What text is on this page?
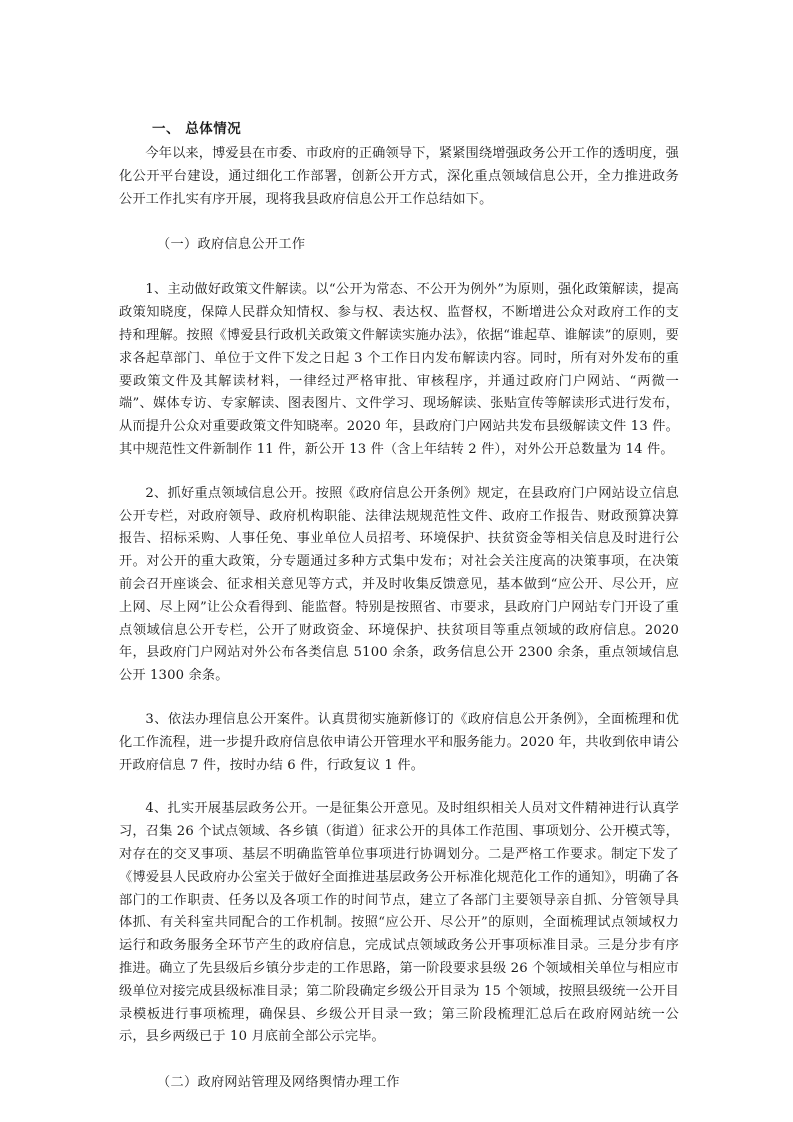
一、 总体情况

今年以来，博爱县在市委、市政府的正确领导下，紧紧围绕增强政务公开工作的透明度，强化公开平台建设，通过细化工作部署，创新公开方式，深化重点领域信息公开，全力推进政务公开工作扎实有序开展，现将我县政府信息公开工作总结如下。

（一）政府信息公开工作

1、主动做好政策文件解读。以“公开为常态、不公开为例外”为原则，强化政策解读，提高政策知晓度，保障人民群众知情权、参与权、表达权、监督权，不断增进公众对政府工作的支持和理解。按照《博爱县行政机关政策文件解读实施办法》，依据“谁起草、谁解读”的原则，要求各起草部门、单位于文件下发之日起 3 个工作日内发布解读内容。同时，所有对外发布的重要政策文件及其解读材料，一律经过严格审批、审核程序，并通过政府门户网站、“两微一端”、媒体专访、专家解读、图表图片、文件学习、现场解读、张贴宣传等解读形式进行发布，从而提升公众对重要政策文件知晓率。2020 年，县政府门户网站共发布县级解读文件 13 件。其中规范性文件新制作 11 件，新公开 13 件（含上年结转 2 件），对外公开总数量为 14 件。

2、抓好重点领域信息公开。按照《政府信息公开条例》规定，在县政府门户网站设立信息公开专栏，对政府领导、政府机构职能、法律法规规范性文件、政府工作报告、财政预算决算报告、招标采购、人事任免、事业单位人员招考、环境保护、扶贫资金等相关信息及时进行公开。对公开的重大政策，分专题通过多种方式集中发布；对社会关注度高的决策事项，在决策前会召开座谈会、征求相关意见等方式，并及时收集反馈意见，基本做到“应公开、尽公开，应上网、尽上网”让公众看得到、能监督。特别是按照省、市要求，县政府门户网站专门开设了重点领域信息公开专栏，公开了财政资金、环境保护、扶贫项目等重点领域的政府信息。2020 年，县政府门户网站对外公布各类信息 5100 余条，政务信息公开 2300 余条，重点领域信息公开 1300 余条。

3、依法办理信息公开案件。认真贯彻实施新修订的《政府信息公开条例》，全面梳理和优化工作流程，进一步提升政府信息依申请公开管理水平和服务能力。2020 年，共收到依申请公开政府信息 7 件，按时办结 6 件，行政复议 1 件。

4、扎实开展基层政务公开。一是征集公开意见。及时组织相关人员对文件精神进行认真学习，召集 26 个试点领域、各乡镇（街道）征求公开的具体工作范围、事项划分、公开模式等，对存在的交叉事项、基层不明确监管单位事项进行协调划分。二是严格工作要求。制定下发了《博爱县人民政府办公室关于做好全面推进基层政务公开标准化规范化工作的通知》，明确了各部门的工作职责、任务以及各项工作的时间节点，建立了各部门主要领导亲自抓、分管领导具体抓、有关科室共同配合的工作机制。按照“应公开、尽公开”的原则，全面梳理试点领域权力运行和政务服务全环节产生的政府信息，完成试点领域政务公开事项标准目录。三是分步有序推进。确立了先县级后乡镇分步走的工作思路，第一阶段要求县级 26 个领域相关单位与相应市级单位对接完成县级标准目录；第二阶段确定乡级公开目录为 15 个领域，按照县级统一公开目录模板进行事项梳理，确保县、乡级公开目录一致；第三阶段梳理汇总后在政府网站统一公示，县乡两级已于 10 月底前全部公示完毕。

（二）政府网站管理及网络舆情办理工作
